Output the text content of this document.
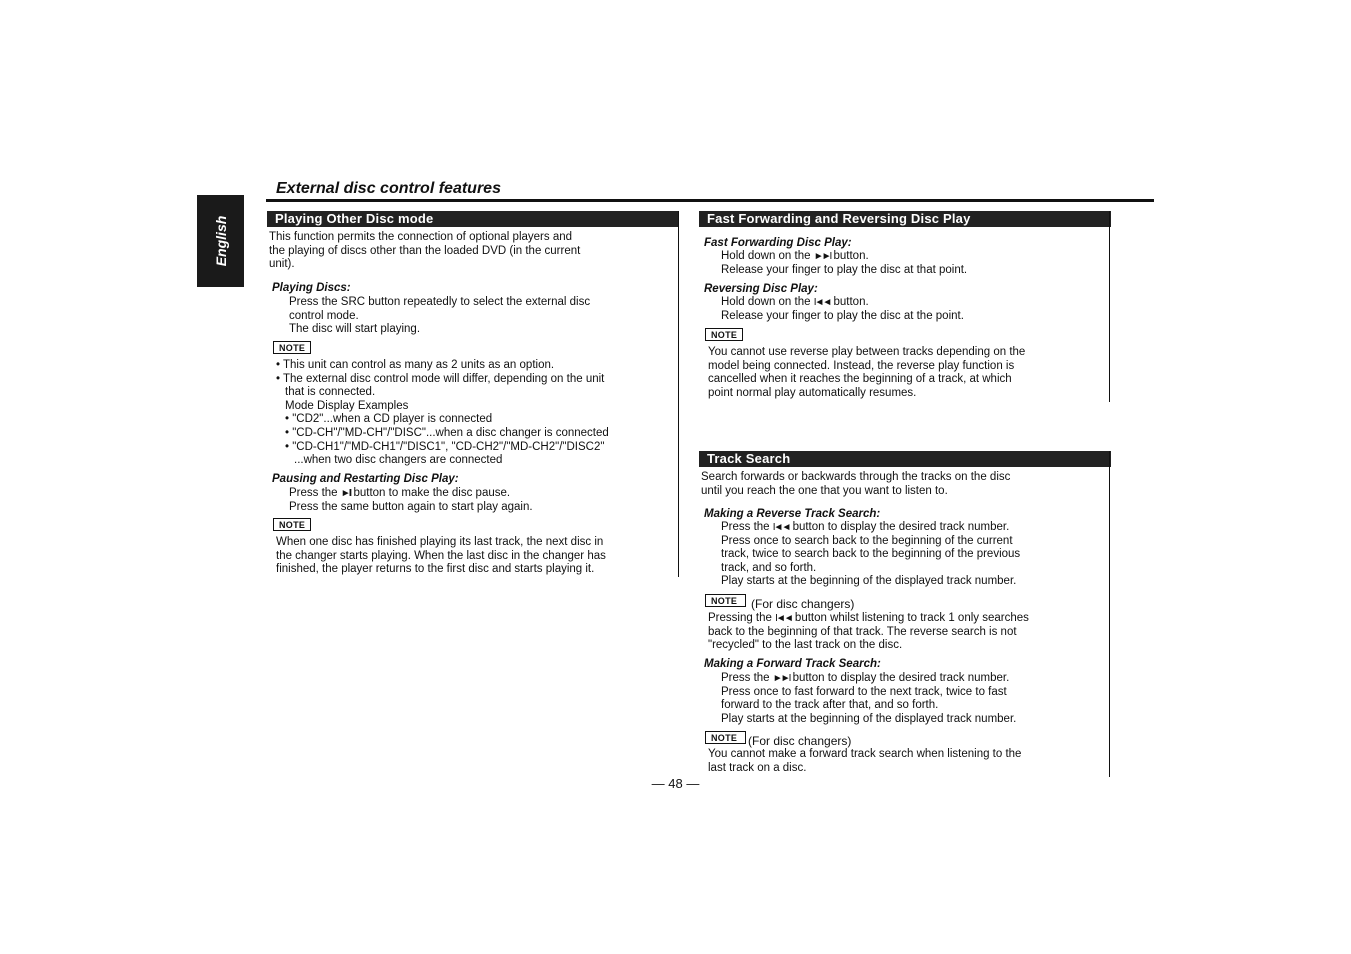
English
External disc control features
Playing Other Disc mode
This function permits the connection of optional players and
the playing of discs other than the loaded DVD (in the current
unit).
Playing Discs:
Press the SRC button repeatedly to select the external disc
control mode.
The disc will start playing.
NOTE
• This unit can control as many as 2 units as an option.
• The external disc control mode will differ, depending on the unit
that is connected.
Mode Display Examples
• "CD2"...when a CD player is connected
• "CD-CH"/"MD-CH"/"DISC"...when a disc changer is connected
• "CD-CH1"/"MD-CH1"/"DISC1", "CD-CH2"/"MD-CH2"/"DISC2"
...when two disc changers are connected
Pausing and Restarting Disc Play:
Press the ►II button to make the disc pause.
Press the same button again to start play again.
NOTE
When one disc has finished playing its last track, the next disc in
the changer starts playing. When the last disc in the changer has
finished, the player returns to the first disc and starts playing it.
Fast Forwarding and Reversing Disc Play
Fast Forwarding Disc Play:
Hold down on the ►►I button.
Release your finger to play the disc at that point.
Reversing Disc Play:
Hold down on the I◄◄ button.
Release your finger to play the disc at the point.
NOTE
You cannot use reverse play between tracks depending on the
model being connected. Instead, the reverse play function is
cancelled when it reaches the beginning of a track, at which
point normal play automatically resumes.
Track Search
Search forwards or backwards through the tracks on the disc
until you reach the one that you want to listen to.
Making a Reverse Track Search:
Press the I◄◄ button to display the desired track number.
Press once to search back to the beginning of the current
track, twice to search back to the beginning of the previous
track, and so forth.
Play starts at the beginning of the displayed track number.
NOTE	(For disc changers)
Pressing the I◄◄ button whilst listening to track 1 only searches
back to the beginning of that track. The reverse search is not
"recycled" to the last track on the disc.
Making a Forward Track Search:
Press the ►►I button to display the desired track number.
Press once to fast forward to the next track, twice to fast
forward to the track after that, and so forth.
Play starts at the beginning of the displayed track number.
NOTE (For disc changers)
You cannot make a forward track search when listening to the
last track on a disc.
— 48 —
